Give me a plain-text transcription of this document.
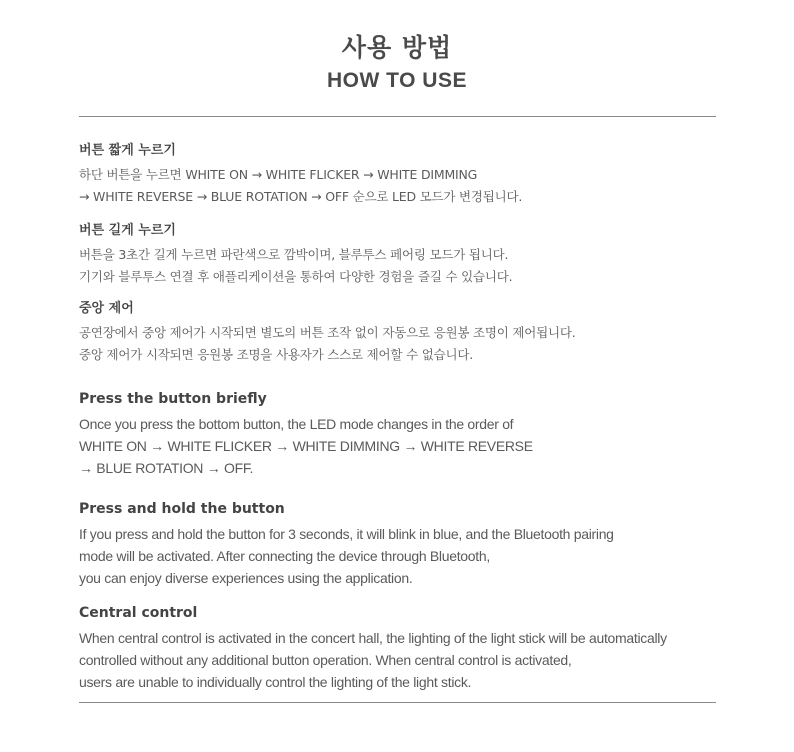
사용 방법
HOW TO USE
버튼 짧게 누르기
하단 버튼을 누르면 WHITE ON → WHITE FLICKER → WHITE DIMMING
→ WHITE REVERSE → BLUE ROTATION → OFF 순으로 LED 모드가 변경됩니다.
버튼 길게 누르기
버튼을 3초간 길게 누르면 파란색으로 깜박이며, 블루투스 페어링 모드가 됩니다.
기기와 블루투스 연결 후 애플리케이션을 통하여 다양한 경험을 즐길 수 있습니다.
중앙 제어
공연장에서 중앙 제어가 시작되면 별도의 버튼 조작 없이 자동으로 응원봉 조명이 제어됩니다.
중앙 제어가 시작되면 응원봉 조명을 사용자가 스스로 제어할 수 없습니다.
Press the button briefly
Once you press the bottom button, the LED mode changes in the order of
WHITE ON → WHITE FLICKER → WHITE DIMMING → WHITE REVERSE
→ BLUE ROTATION → OFF.
Press and hold the button
If you press and hold the button for 3 seconds, it will blink in blue, and the Bluetooth pairing
mode will be activated. After connecting the device through Bluetooth,
you can enjoy diverse experiences using the application.
Central control
When central control is activated in the concert hall, the lighting of the light stick will be automatically
controlled without any additional button operation. When central control is activated,
users are unable to individually control the lighting of the light stick.
